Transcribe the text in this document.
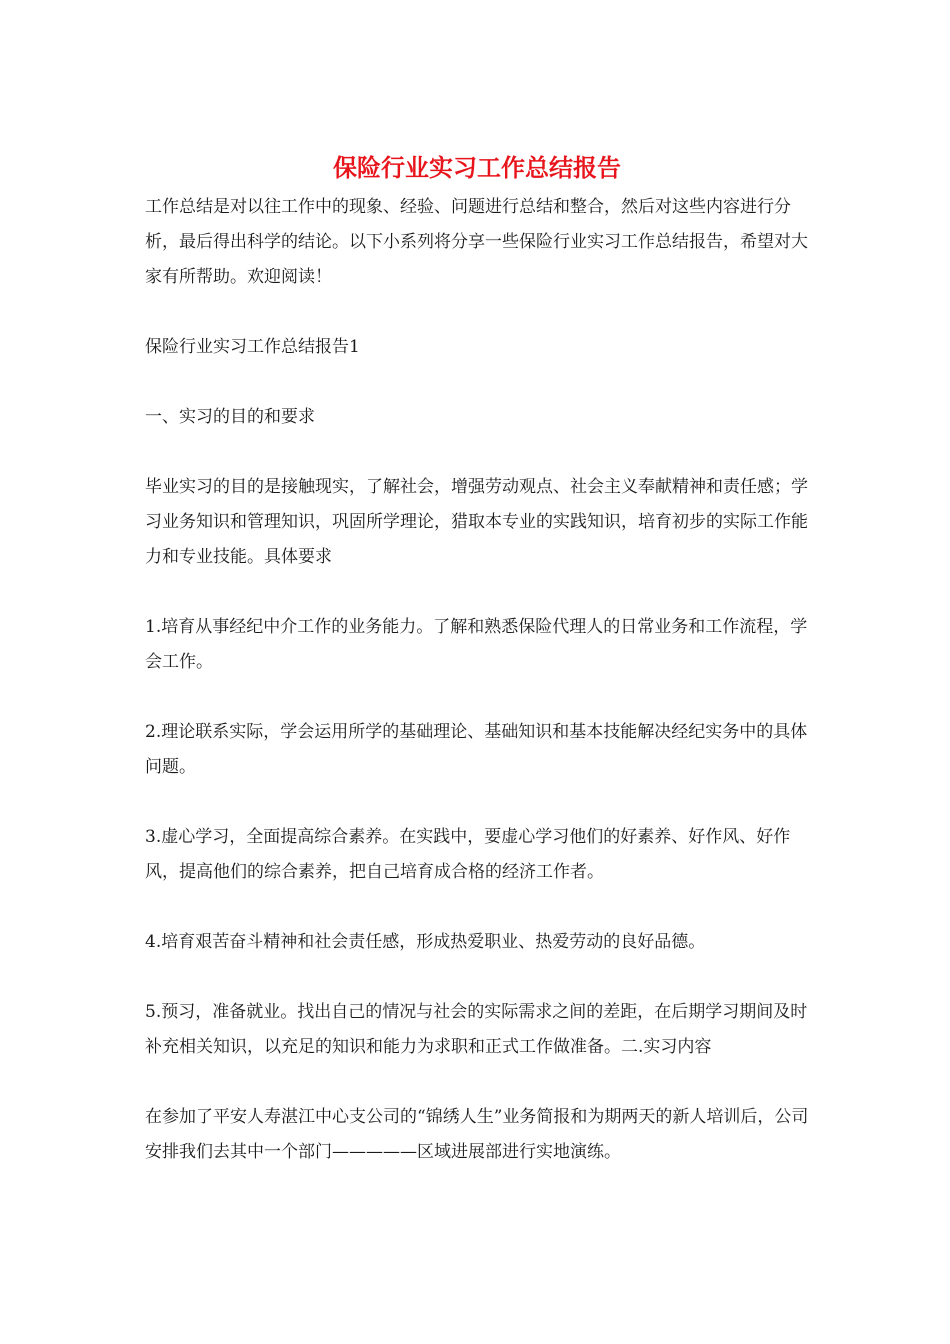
保险行业实习工作总结报告

工作总结是对以往工作中的现象、经验、问题进行总结和整合，然后对这些内容进行分析，最后得出科学的结论。以下小系列将分享一些保险行业实习工作总结报告，希望对大家有所帮助。欢迎阅读！

保险行业实习工作总结报告1

一、实习的目的和要求

毕业实习的目的是接触现实，了解社会，增强劳动观点、社会主义奉献精神和责任感；学习业务知识和管理知识，巩固所学理论，猎取本专业的实践知识，培育初步的实际工作能力和专业技能。具体要求

1.培育从事经纪中介工作的业务能力。了解和熟悉保险代理人的日常业务和工作流程，学会工作。

2.理论联系实际，学会运用所学的基础理论、基础知识和基本技能解决经纪实务中的具体问题。

3.虚心学习，全面提高综合素养。在实践中，要虚心学习他们的好素养、好作风、好作风，提高他们的综合素养，把自己培育成合格的经济工作者。

4.培育艰苦奋斗精神和社会责任感，形成热爱职业、热爱劳动的良好品德。

5.预习，准备就业。找出自己的情况与社会的实际需求之间的差距，在后期学习期间及时补充相关知识，以充足的知识和能力为求职和正式工作做准备。二.实习内容

在参加了平安人寿湛江中心支公司的“锦绣人生”业务简报和为期两天的新人培训后，公司安排我们去其中一个部门—————区域进展部进行实地演练。
